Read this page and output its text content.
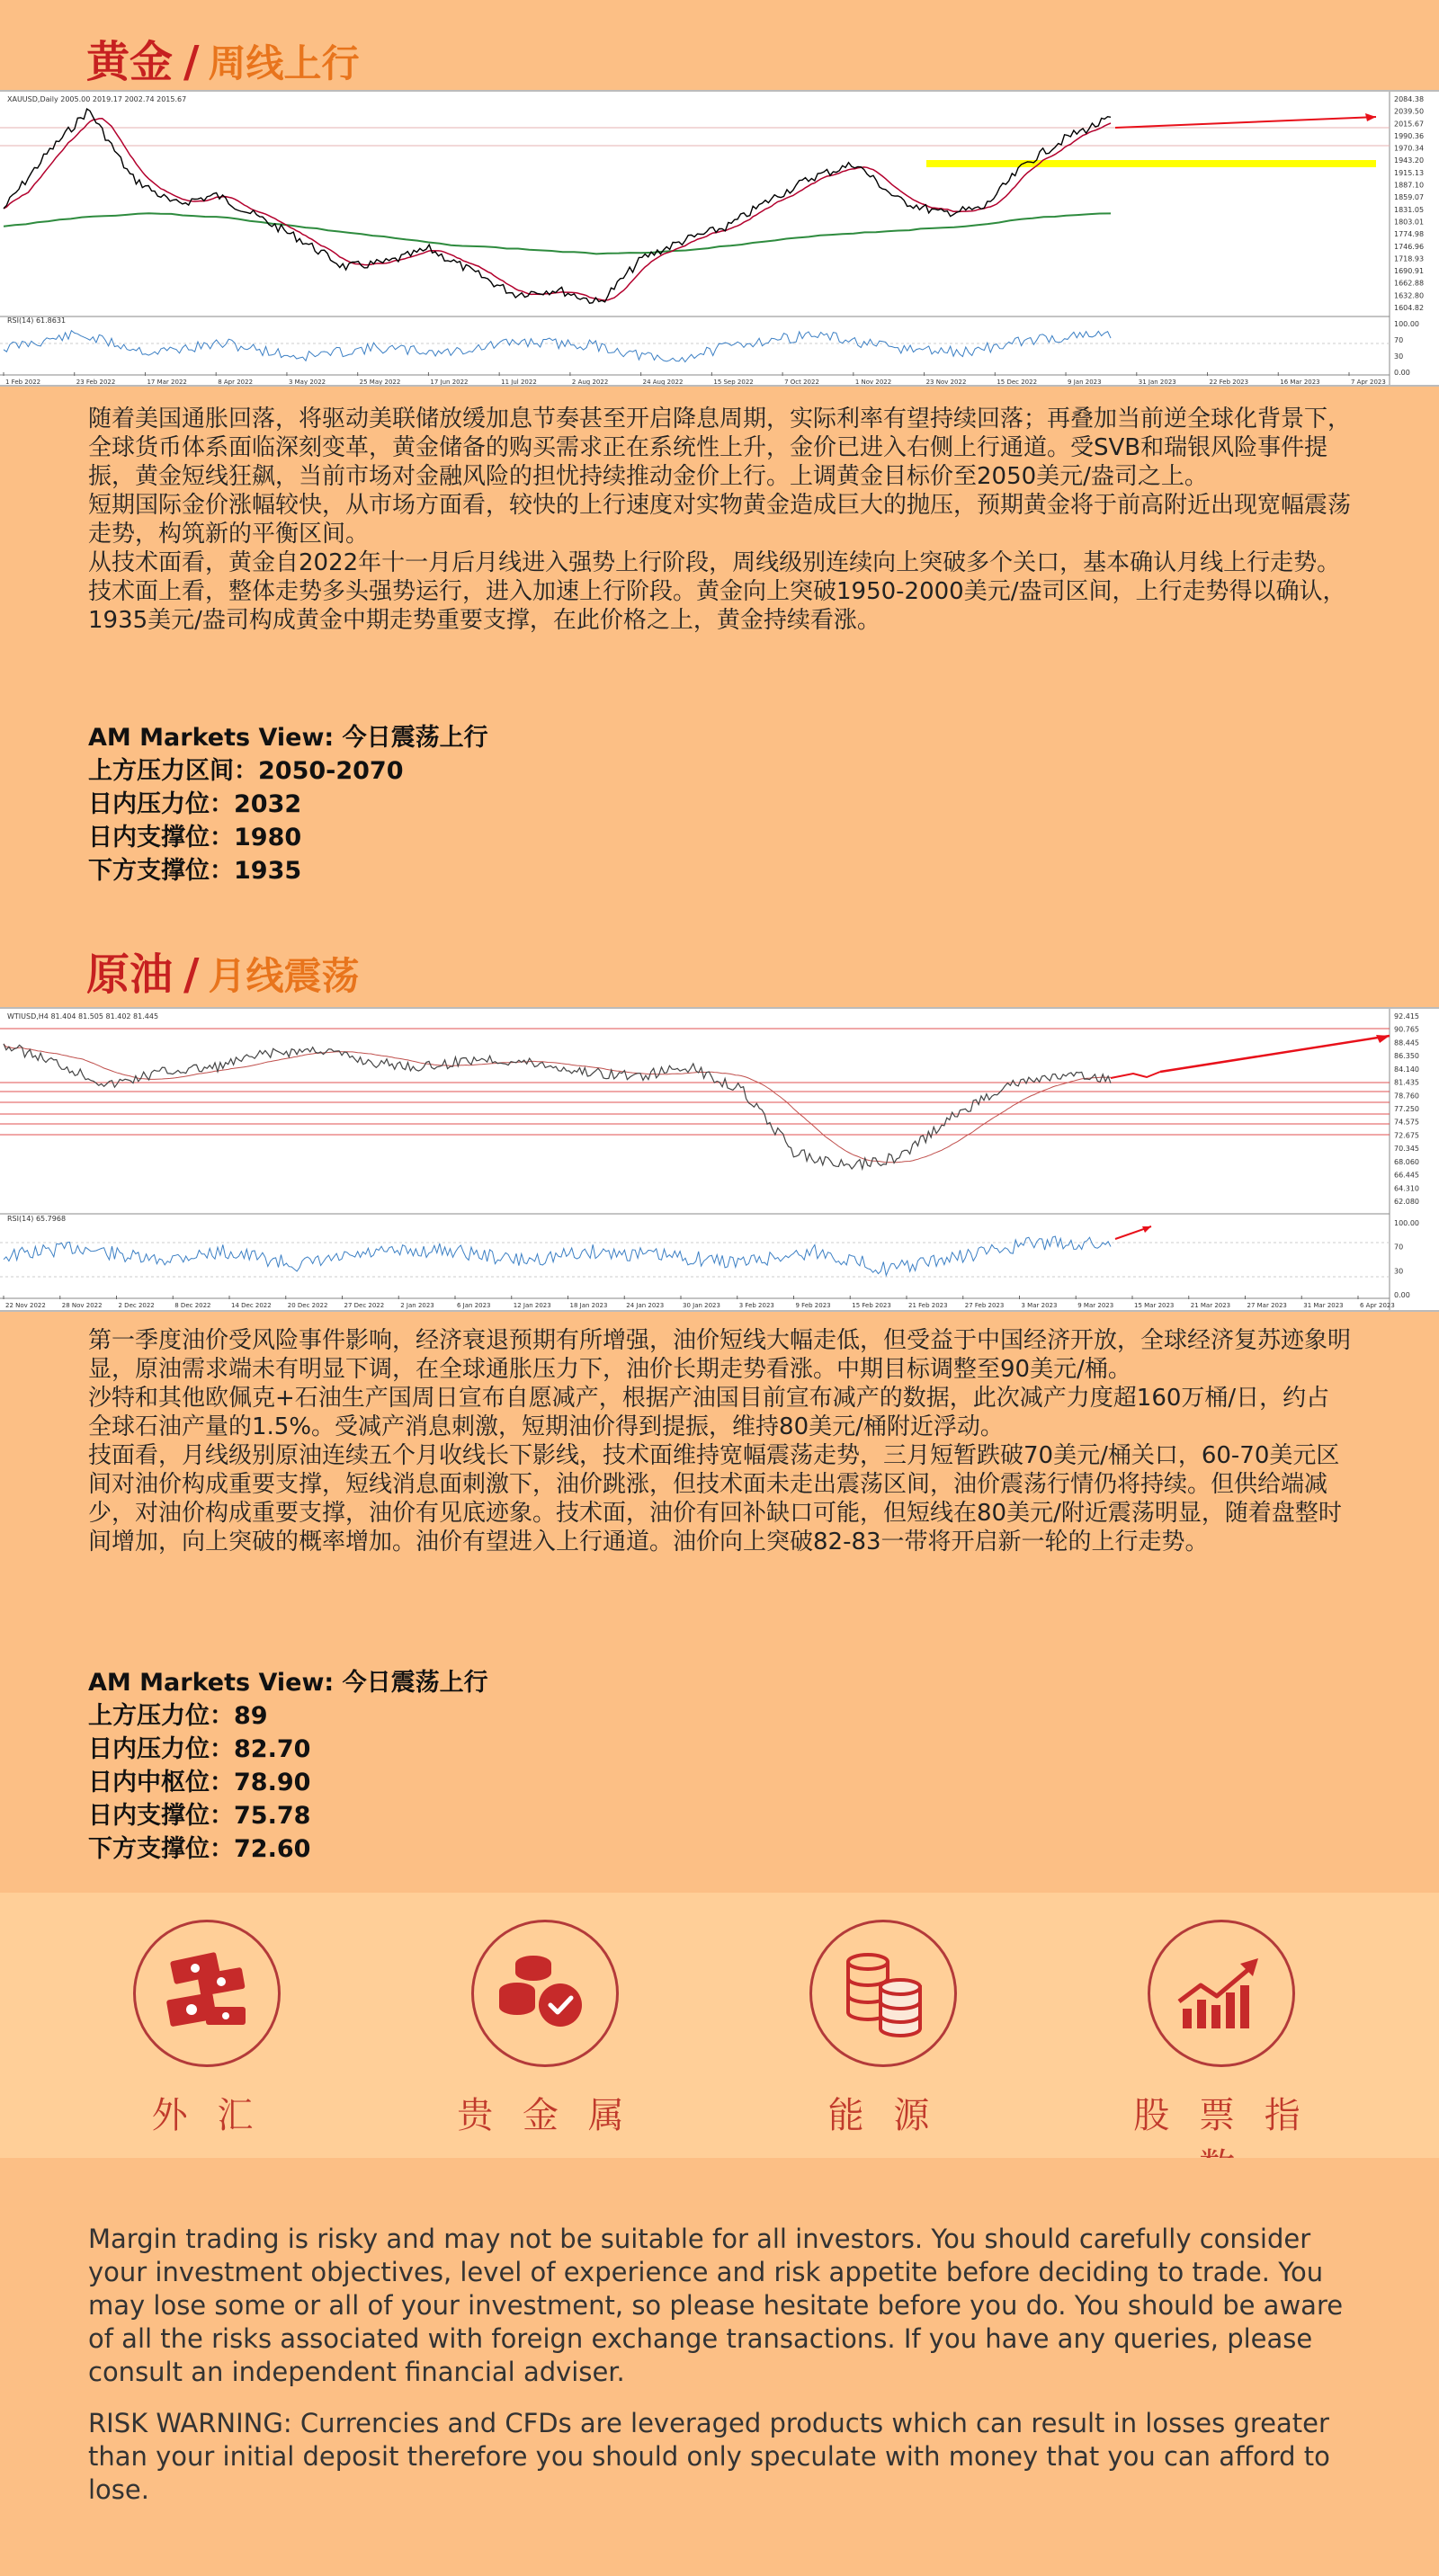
黄金 / 周线上行
XAUUSD,Daily 2005.00 2019.17 2002.74 2015.67
RSI(14) 61.8631
2084.38
2039.50
2015.67
1990.36
1970.34
1943.20
1915.13
1887.10
1859.07
1831.05
1803.01
1774.98
1746.96
1718.93
1690.91
1662.88
1632.80
1604.82
100.00
70
30
0.00
1 Feb 2022	23 Feb 2022	17 Mar 2022	8 Apr 2022	3 May 2022	25 May 2022	17 Jun 2022	11 Jul 2022	2 Aug 2022	24 Aug 2022	15 Sep 2022	7 Oct 2022	1 Nov 2022	23 Nov 2022	15 Dec 2022	9 Jan 2023	31 Jan 2023	22 Feb 2023	16 Mar 2023	7 Apr 2023

随着美国通胀回落，将驱动美联储放缓加息节奏甚至开启降息周期，实际利率有望持续回落；再叠加当前逆全球化背景下，全球货币体系面临深刻变革，黄金储备的购买需求正在系统性上升，金价已进入右侧上行通道。受SVB和瑞银风险事件提振，黄金短线狂飙，当前市场对金融风险的担忧持续推动金价上行。上调黄金目标价至2050美元/盎司之上。

短期国际金价涨幅较快，从市场方面看，较快的上行速度对实物黄金造成巨大的抛压，预期黄金将于前高附近出现宽幅震荡走势，构筑新的平衡区间。

从技术面看，黄金自2022年十一月后月线进入强势上行阶段，周线级别连续向上突破多个关口，基本确认月线上行走势。技术面上看，整体走势多头强势运行，进入加速上行阶段。黄金向上突破1950-2000美元/盎司区间，上行走势得以确认，1935美元/盎司构成黄金中期走势重要支撑，在此价格之上，黄金持续看涨。

AM Markets View: 今日震荡上行
上方压力区间：2050-2070
日内压力位：2032
日内支撑位：1980
下方支撑位：1935
原油 / 月线震荡
WTIUSD,H4 81.404 81.505 81.402 81.445
RSI(14) 65.7968
92.415
90.765
88.445
86.350
84.140
81.435
78.760
77.250
74.575
72.675
70.345
68.060
66.445
64.310
62.080
100.00
70
30
0.00
22 Nov 2022	28 Nov 2022	2 Dec 2022	8 Dec 2022	14 Dec 2022	20 Dec 2022	27 Dec 2022	2 Jan 2023	6 Jan 2023	12 Jan 2023	18 Jan 2023	24 Jan 2023	30 Jan 2023	3 Feb 2023	9 Feb 2023	15 Feb 2023	21 Feb 2023	27 Feb 2023	3 Mar 2023	9 Mar 2023	15 Mar 2023	21 Mar 2023	27 Mar 2023	31 Mar 2023	6 Apr 2023

第一季度油价受风险事件影响，经济衰退预期有所增强，油价短线大幅走低，但受益于中国经济开放，全球经济复苏迹象明显，原油需求端未有明显下调，在全球通胀压力下，油价长期走势看涨。中期目标调整至90美元/桶。

沙特和其他欧佩克+石油生产国周日宣布自愿减产，根据产油国目前宣布减产的数据，此次减产力度超160万桶/日，约占全球石油产量的1.5%。受减产消息刺激，短期油价得到提振，维持80美元/桶附近浮动。

技面看，月线级别原油连续五个月收线长下影线，技术面维持宽幅震荡走势，三月短暂跌破70美元/桶关口，60-70美元区间对油价构成重要支撑，短线消息面刺激下，油价跳涨，但技术面未走出震荡区间，油价震荡行情仍将持续。但供给端减少，对油价构成重要支撑，油价有见底迹象。技术面，油价有回补缺口可能，但短线在80美元/附近震荡明显，随着盘整时间增加，向上突破的概率增加。油价有望进入上行通道。油价向上突破82-83一带将开启新一轮的上行走势。

AM Markets View: 今日震荡上行
上方压力位：89
日内压力位：82.70
日内中枢位：78.90
日内支撑位：75.78
下方支撑位：72.60
外 汇	贵 金 属	能 源	股 票 指

Margin trading is risky and may not be suitable for all investors. You should carefully consider your investment objectives, level of experience and risk appetite before deciding to trade. You may lose some or all of your investment, so please hesitate before you do. You should be aware of all the risks associated with foreign exchange transactions. If you have any queries, please consult an independent financial adviser.

RISK WARNING: Currencies and CFDs are leveraged products which can result in losses greater than your initial deposit therefore you should only speculate with money that you can afford to lose.
